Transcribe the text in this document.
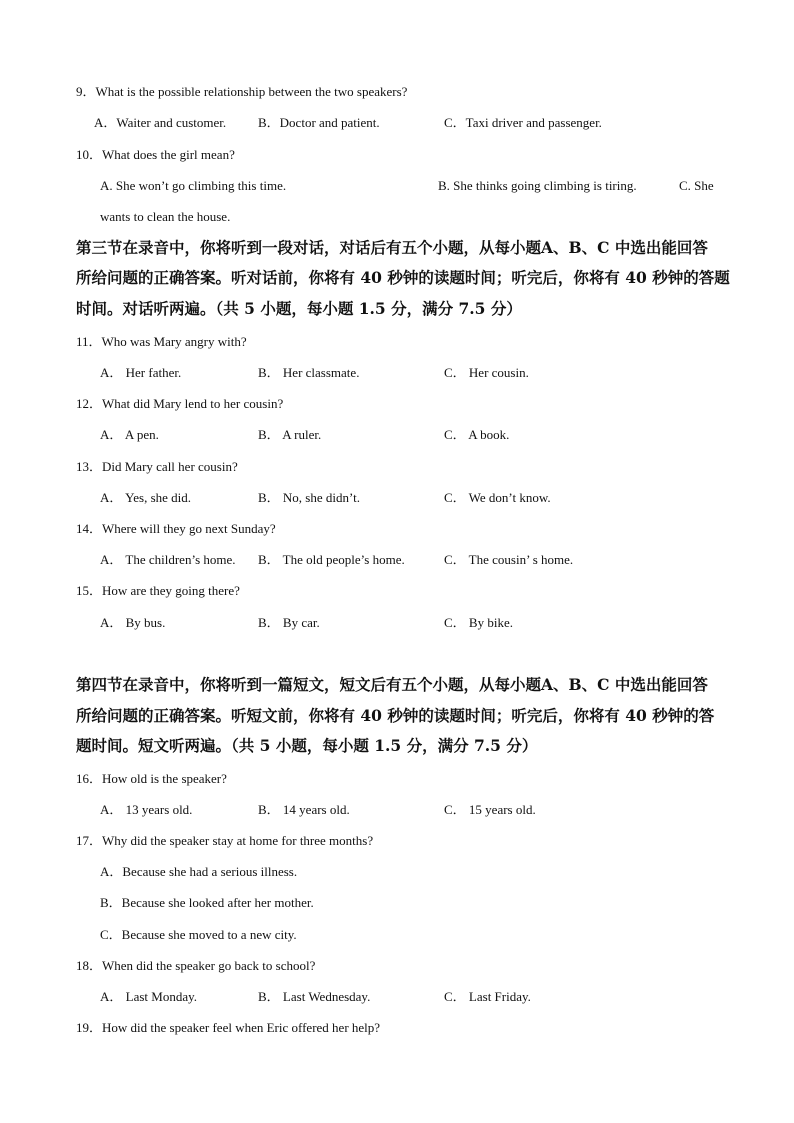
9．What is the possible relationship between the two speakers?
A．Waiter and customer. B．Doctor and patient.	C．Taxi driver and passenger.
10．What does the girl mean?
A. She won’t go climbing this time.	B. She thinks going climbing is tiring.	C. She
wants to clean the house.
第三节在录音中，你将听到一段对话，对话后有五个小题，从每小题A、B、C 中选出能回答
所给问题的正确答案。听对话前，你将有 40 秒钟的读题时间；听完后，你将有 40 秒钟的答题
时间。对话听两遍。（共 5 小题，每小题 1.5 分，满分 7.5 分）
11．Who was Mary angry with?
A． Her father.	B． Her classmate.	C． Her cousin.
12．What did Mary lend to her cousin?
A． A pen.	B． A ruler.	C． A book.
13．Did Mary call her cousin?
A． Yes, she did.	B． No, she didn’t.	C． We don’t know.
14．Where will they go next Sunday?
A． The children’s home. B． The old people’s home.	C． The cousin’ s home.
15．How are they going there?
A． By bus.	B． By car.	C． By bike.
第四节在录音中，你将听到一篇短文，短文后有五个小题，从每小题A、B、C 中选出能回答
所给问题的正确答案。听短文前，你将有 40 秒钟的读题时间；听完后，你将有 40 秒钟的答
题时间。短文听两遍。（共 5 小题，每小题 1.5 分，满分 7.5 分）
16．How old is the speaker?
A． 13 years old.	B． 14 years old.	C． 15 years old.
17．Why did the speaker stay at home for three months?
A．Because she had a serious illness.
B．Because she looked after her mother.
C．Because she moved to a new city.
18．When did the speaker go back to school?
A． Last Monday.	B． Last Wednesday.	C． Last Friday.
19．How did the speaker feel when Eric offered her help?
